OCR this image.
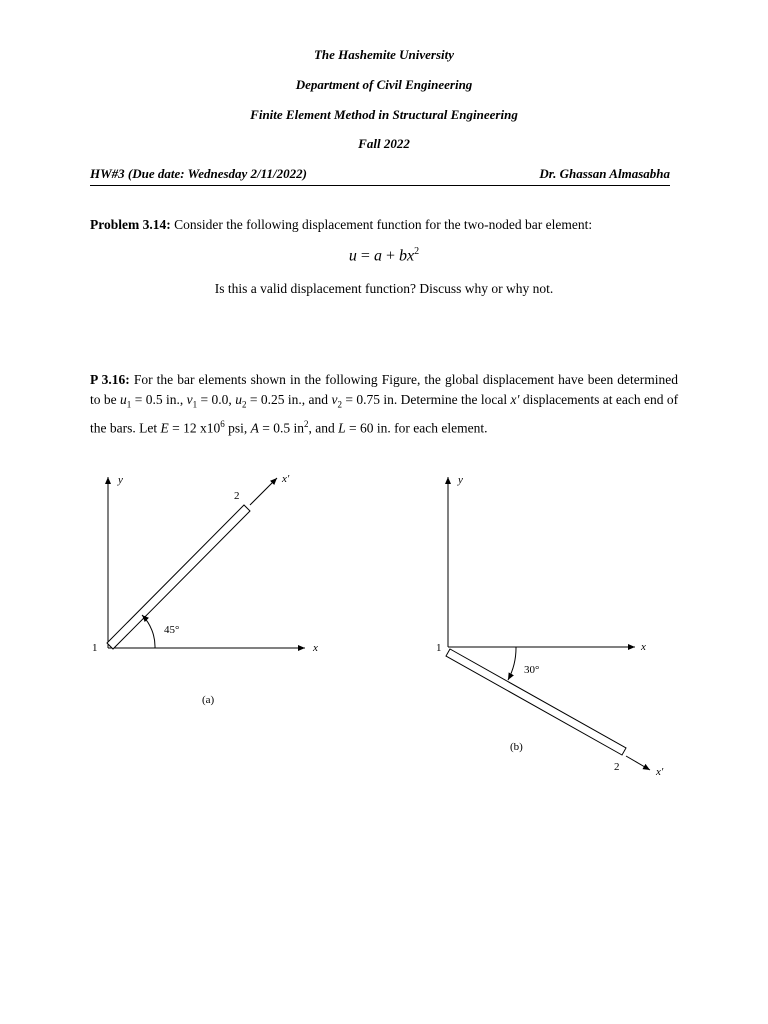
The Hashemite University
Department of Civil Engineering
Finite Element Method in Structural Engineering
Fall 2022
HW#3 (Due date: Wednesday 2/11/2022)	Dr. Ghassan Almasabha
Problem 3.14: Consider the following displacement function for the two-noded bar element:
$u = a + bx^2$
Is this a valid displacement function? Discuss why or why not.
P 3.16: For the bar elements shown in the following Figure, the global displacement have been determined to be $u_1 = 0.5$ in., $v_1 = 0.0$, $u_2 = 0.25$ in., and $v_2 = 0.75$ in. Determine the local x′ displacements at each end of the bars. Let E = 12 $x10^6$ psi, A = 0.5 $in^2$, and L = 60 in. for each element.
y
x
x′
45°
1
2
(a)
y
x
x′
30°
1
2
(b)
